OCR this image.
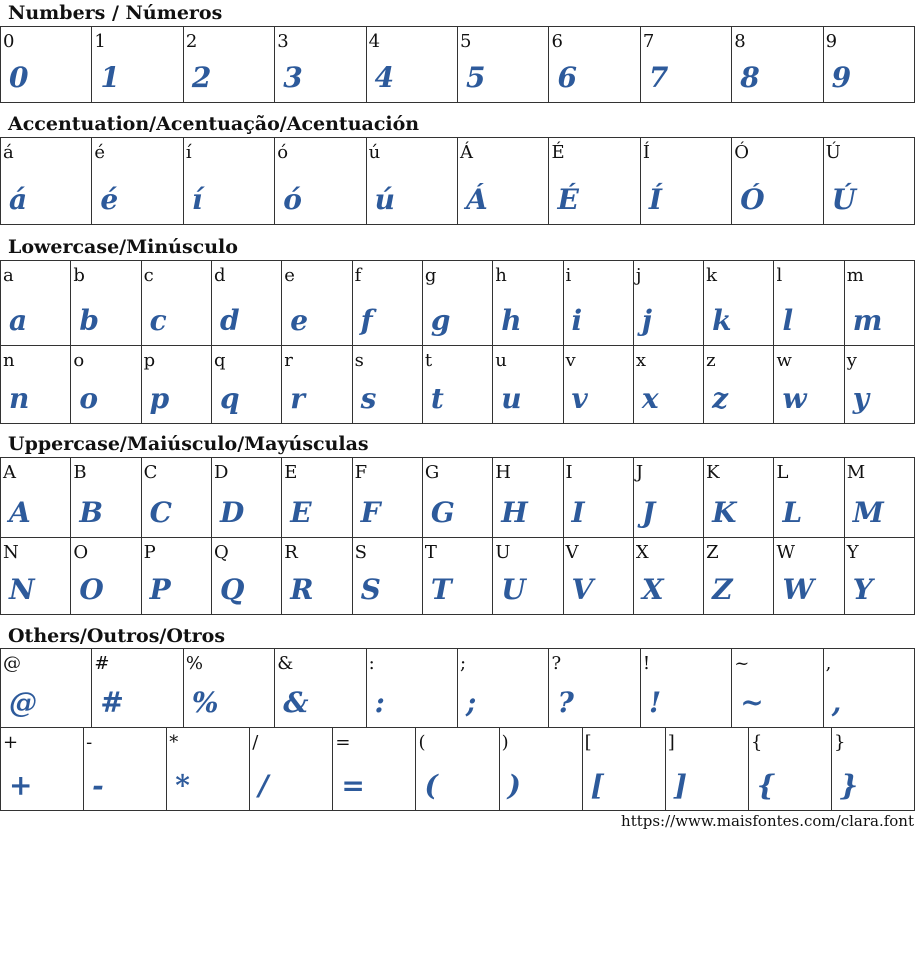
Numbers / Números
0
0
1
1
2
2
3
3
4
4
5
5
6
6
7
7
8
8
9
9
Accentuation/Acentuação/Acentuación
á
á
é
é
í
í
ó
ó
ú
ú
Á
Á
É
É
Í
Í
Ó
Ó
Ú
Ú
Lowercase/Minúsculo
a
a
b
b
c
c
d
d
e
e
f
f
g
g
h
h
i
i
j
j
k
k
l
l
m
m
n
n
o
o
p
p
q
q
r
r
s
s
t
t
u
u
v
v
x
x
z
z
w
w
y
y
Uppercase/Maiúsculo/Mayúsculas
A
A
B
B
C
C
D
D
E
E
F
F
G
G
H
H
I
I
J
J
K
K
L
L
M
M
N
N
O
O
P
P
Q
Q
R
R
S
S
T
T
U
U
V
V
X
X
Z
Z
W
W
Y
Y
Others/Outros/Otros
@
@
#
#
%
%
&
&
:
:
;
;
?
?
!
!
~
~
,
,
+
+
-
-
*
*
/
/
=
=
(
(
)
)
[
[
]
]
{
{
}
}
https://www.maisfontes.com/clara.font
